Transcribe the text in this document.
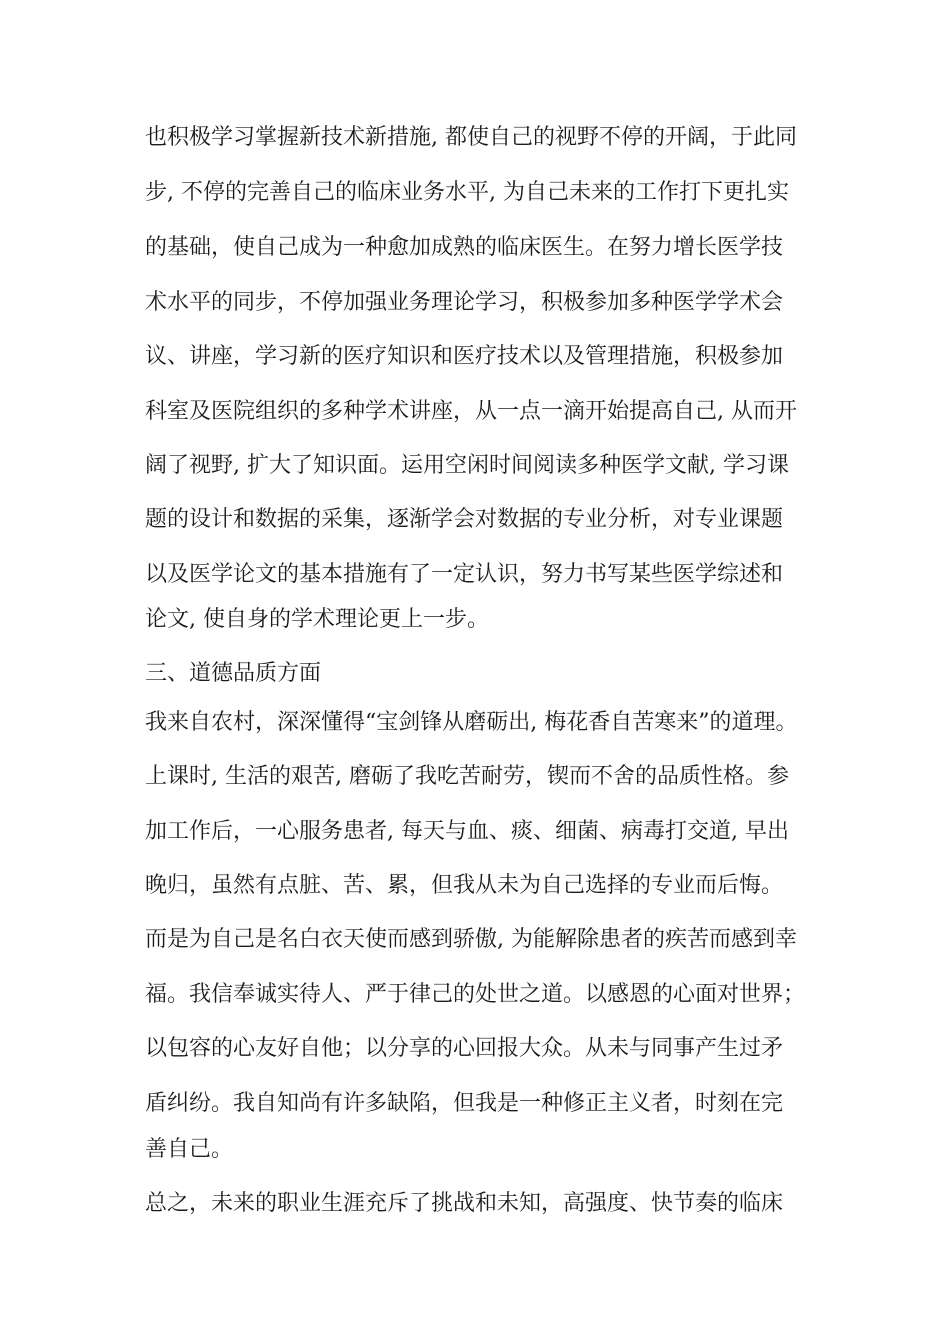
也积极学习掌握新技术新措施, 都使自己的视野不停的开阔，于此同

步, 不停的完善自己的临床业务水平, 为自己未来的工作打下更扎实

的基础，使自己成为一种愈加成熟的临床医生。在努力增长医学技

术水平的同步，不停加强业务理论学习，积极参加多种医学学术会

议、讲座，学习新的医疗知识和医疗技术以及管理措施，积极参加

科室及医院组织的多种学术讲座，从一点一滴开始提高自己, 从而开

阔了视野, 扩大了知识面。运用空闲时间阅读多种医学文献, 学习课

题的设计和数据的采集，逐渐学会对数据的专业分析，对专业课题

以及医学论文的基本措施有了一定认识，努力书写某些医学综述和

论文, 使自身的学术理论更上一步。

三、道德品质方面

我来自农村，深深懂得“宝剑锋从磨砺出, 梅花香自苦寒来”的道理。

上课时, 生活的艰苦, 磨砺了我吃苦耐劳，锲而不舍的品质性格。参

加工作后，一心服务患者, 每天与血、痰、细菌、病毒打交道, 早出

晚归，虽然有点脏、苦、累，但我从未为自己选择的专业而后悔。

而是为自己是名白衣天使而感到骄傲, 为能解除患者的疾苦而感到幸

福。我信奉诚实待人、严于律己的处世之道。以感恩的心面对世界；

以包容的心友好自他；以分享的心回报大众。从未与同事产生过矛

盾纠纷。我自知尚有许多缺陷，但我是一种修正主义者，时刻在完

善自己。

总之，未来的职业生涯充斥了挑战和未知，高强度、快节奏的临床
